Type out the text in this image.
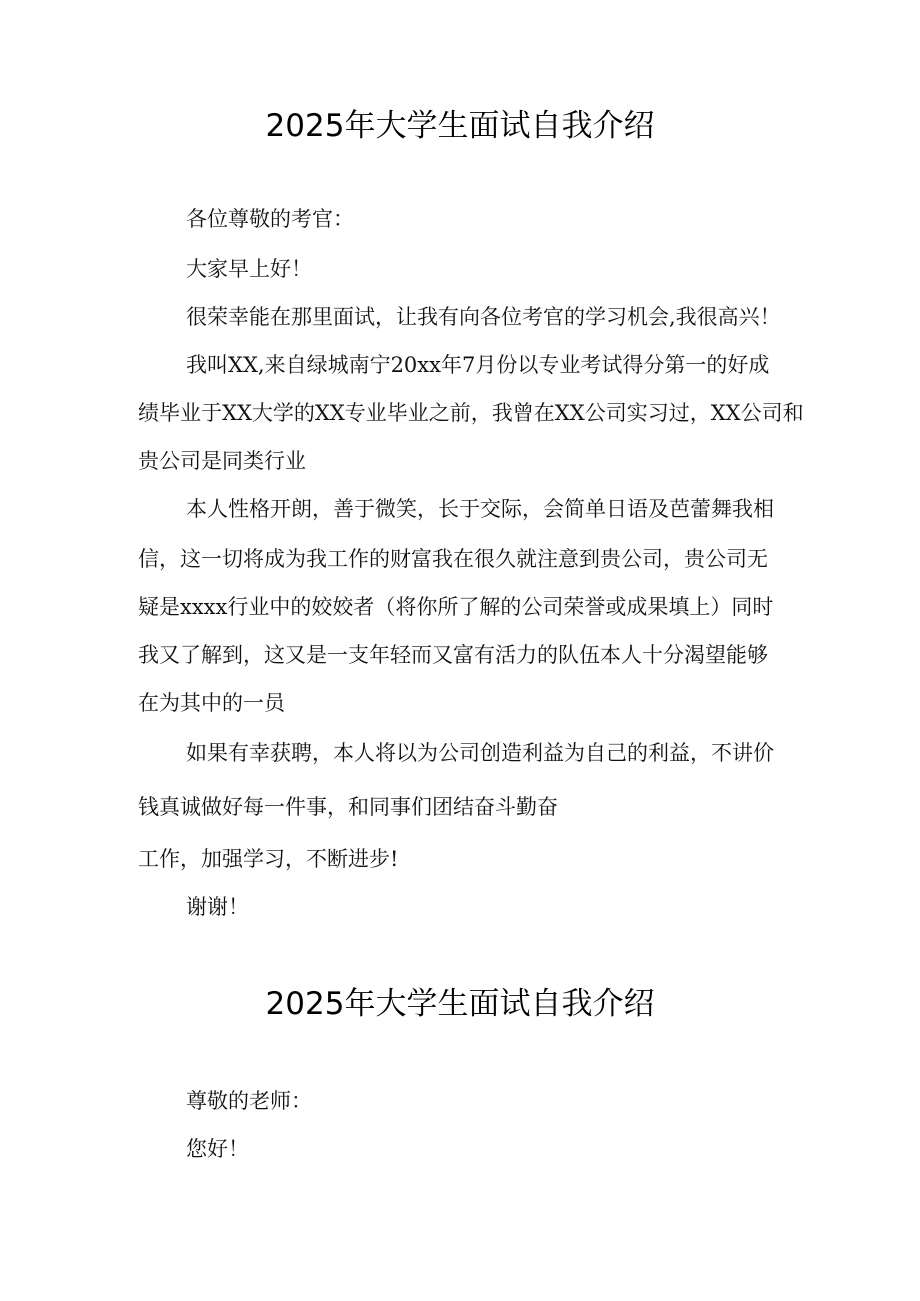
2025年大学生面试自我介绍

各位尊敬的考官：

大家早上好！

很荣幸能在那里面试，让我有向各位考官的学习机会,我很高兴！

我叫XX,来自绿城南宁20xx年7月份以专业考试得分第一的好成

绩毕业于XX大学的XX专业毕业之前，我曾在XX公司实习过，XX公司和

贵公司是同类行业

本人性格开朗，善于微笑，长于交际，会简单日语及芭蕾舞我相

信，这一切将成为我工作的财富我在很久就注意到贵公司，贵公司无

疑是xxxx行业中的姣姣者（将你所了解的公司荣誉或成果填上）同时

我又了解到，这又是一支年轻而又富有活力的队伍本人十分渴望能够

在为其中的一员

如果有幸获聘，本人将以为公司创造利益为自己的利益，不讲价

钱真诚做好每一件事，和同事们团结奋斗勤奋

工作，加强学习，不断进步!

谢谢！

2025年大学生面试自我介绍

尊敬的老师：

您好！
